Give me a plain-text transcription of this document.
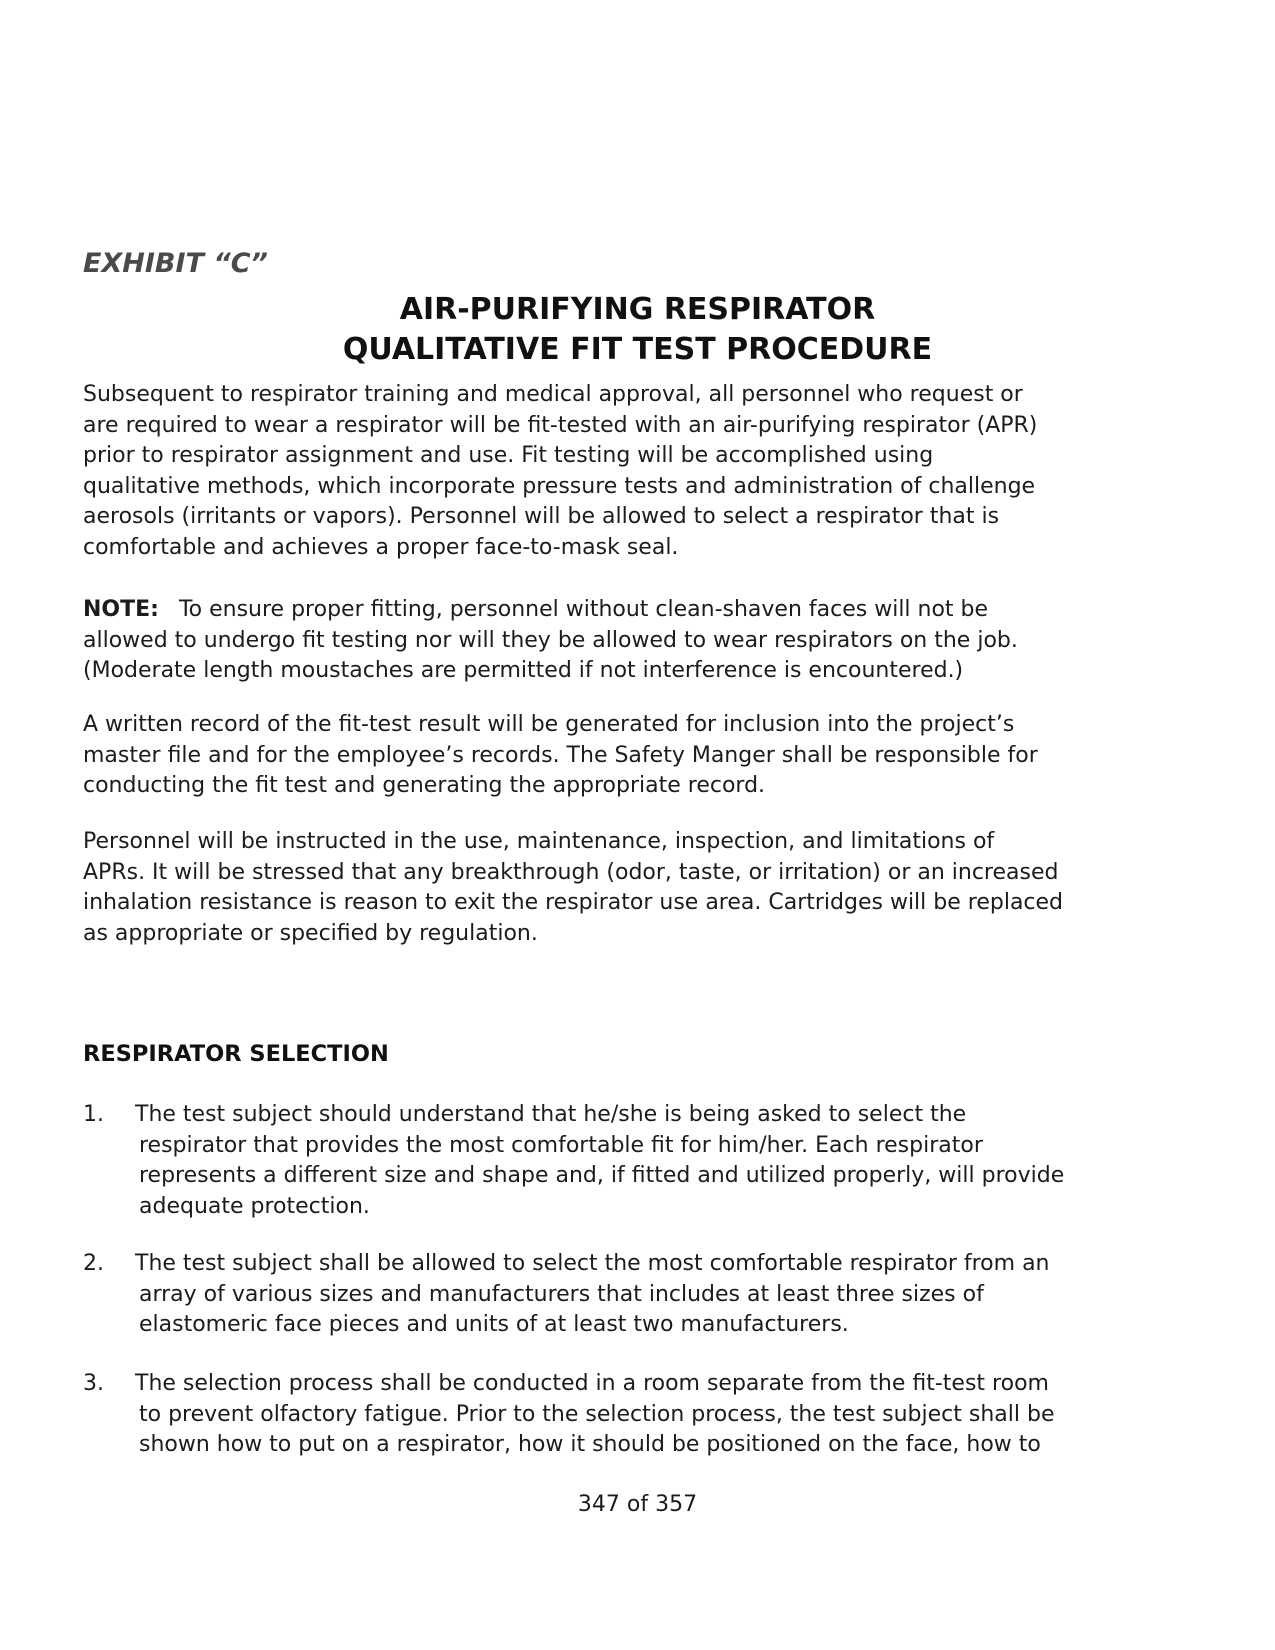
EXHIBIT “C”

AIR-PURIFYING RESPIRATOR
QUALITATIVE FIT TEST PROCEDURE

Subsequent to respirator training and medical approval, all personnel who request or
are required to wear a respirator will be fit-tested with an air-purifying respirator (APR)
prior to respirator assignment and use. Fit testing will be accomplished using
qualitative methods, which incorporate pressure tests and administration of challenge
aerosols (irritants or vapors). Personnel will be allowed to select a respirator that is
comfortable and achieves a proper face-to-mask seal.

NOTE: To ensure proper fitting, personnel without clean-shaven faces will not be
allowed to undergo fit testing nor will they be allowed to wear respirators on the job.
(Moderate length moustaches are permitted if not interference is encountered.)

A written record of the fit-test result will be generated for inclusion into the project’s
master file and for the employee’s records. The Safety Manger shall be responsible for
conducting the fit test and generating the appropriate record.

Personnel will be instructed in the use, maintenance, inspection, and limitations of
APRs. It will be stressed that any breakthrough (odor, taste, or irritation) or an increased
inhalation resistance is reason to exit the respirator use area. Cartridges will be replaced
as appropriate or specified by regulation.

RESPIRATOR SELECTION
1. The test subject should understand that he/she is being asked to select the
respirator that provides the most comfortable fit for him/her. Each respirator
represents a different size and shape and, if fitted and utilized properly, will provide
adequate protection.
2. The test subject shall be allowed to select the most comfortable respirator from an
array of various sizes and manufacturers that includes at least three sizes of
elastomeric face pieces and units of at least two manufacturers.
3. The selection process shall be conducted in a room separate from the fit-test room
to prevent olfactory fatigue. Prior to the selection process, the test subject shall be
shown how to put on a respirator, how it should be positioned on the face, how to

347 of 357
